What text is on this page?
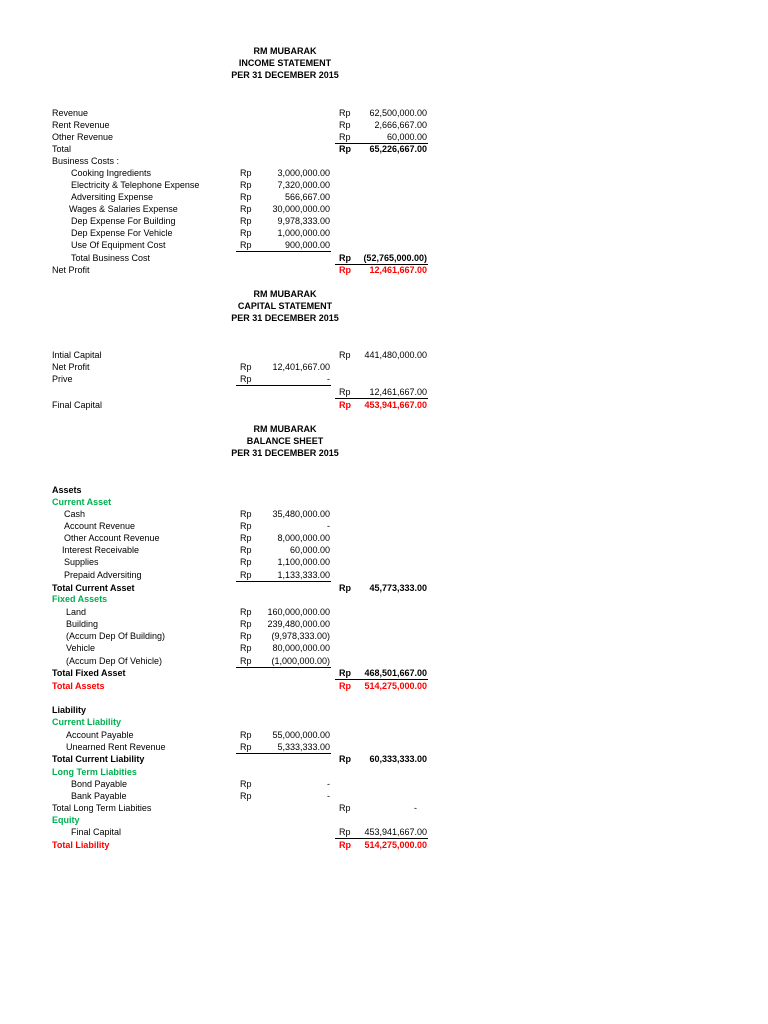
RM MUBARAK
INCOME STATEMENT
PER 31 DECEMBER 2015
Revenue	Rp	62,500,000.00
Rent Revenue	Rp	2,666,667.00
Other Revenue	Rp	60,000.00
Total	Rp	65,226,667.00
Business Costs :
Cooking Ingredients	Rp	3,000,000.00
Electricity & Telephone Expense	Rp	7,320,000.00
Adversiting Expense	Rp	566,667.00
Wages & Salaries Expense	Rp	30,000,000.00
Dep Expense For Building	Rp	9,978,333.00
Dep Expense For Vehicle	Rp	1,000,000.00
Use Of Equipment Cost	Rp	900,000.00
Total Business Cost	Rp	(52,765,000.00)
Net Profit	Rp	12,461,667.00
RM MUBARAK
CAPITAL STATEMENT
PER 31 DECEMBER 2015
Intial Capital	Rp	441,480,000.00
Net Profit	Rp	12,401,667.00
Prive	Rp	-
Rp	12,461,667.00
Final Capital	Rp	453,941,667.00
RM MUBARAK
BALANCE SHEET
PER 31 DECEMBER 2015
Assets
Current Asset
Cash	Rp	35,480,000.00
Account Revenue	Rp	-
Other Account Revenue	Rp	8,000,000.00
Interest Receivable	Rp	60,000.00
Supplies	Rp	1,100,000.00
Prepaid Adversiting	Rp	1,133,333.00
Total Current Asset	Rp	45,773,333.00
Fixed Assets
Land	Rp	160,000,000.00
Building	Rp	239,480,000.00
(Accum Dep Of Building)	Rp	(9,978,333.00)
Vehicle	Rp	80,000,000.00
(Accum Dep Of Vehicle)	Rp	(1,000,000.00)
Total Fixed Asset	Rp	468,501,667.00
Total Assets	Rp	514,275,000.00
Liability
Current Liability
Account Payable	Rp	55,000,000.00
Unearned Rent Revenue	Rp	5,333,333.00
Total Current Liability	Rp	60,333,333.00
Long Term Liabities
Bond Payable	Rp	-
Bank Payable	Rp	-
Total Long Term Liabities	Rp	-
Equity
Final Capital	Rp	453,941,667.00
Total Liability	Rp	514,275,000.00
